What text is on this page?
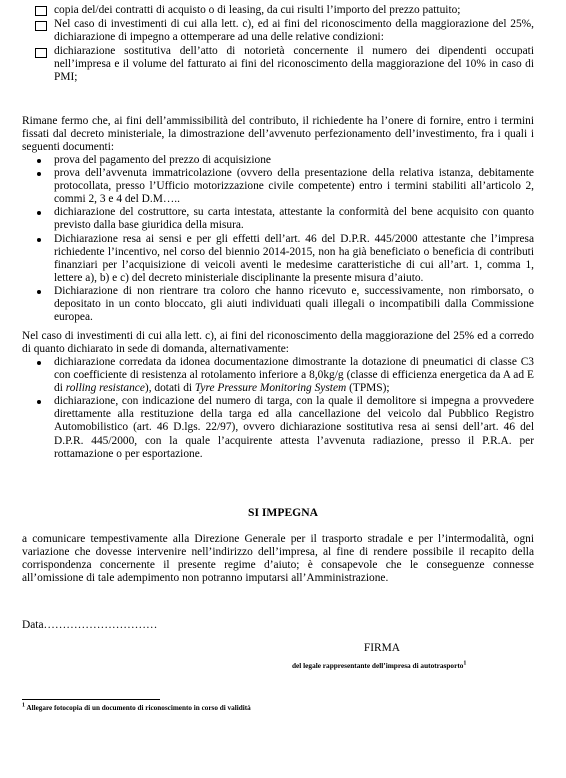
copia del/dei contratti di acquisto o di leasing, da cui risulti l’importo del prezzo pattuito;
Nel caso di investimenti di cui alla lett. c), ed ai fini del riconoscimento della maggiorazione del 25%, dichiarazione di impegno a ottemperare ad una delle relative condizioni:
dichiarazione sostitutiva dell’atto di notorietà concernente il numero dei dipendenti occupati nell’impresa e il volume del fatturato ai fini del riconoscimento della maggiorazione del 10% in caso di PMI;
Rimane fermo che, ai fini dell’ammissibilità del contributo, il richiedente ha l’onere di fornire, entro i termini fissati dal decreto ministeriale, la dimostrazione dell’avvenuto perfezionamento dell’investimento, fra i quali i seguenti documenti:
prova del pagamento del prezzo di acquisizione
prova dell’avvenuta immatricolazione (ovvero della presentazione della relativa istanza, debitamente protocollata, presso l’Ufficio motorizzazione civile competente) entro i termini stabiliti all’articolo 2, commi 2, 3 e 4 del D.M…..
dichiarazione del costruttore, su carta intestata, attestante la conformità del bene acquisito con quanto previsto dalla base giuridica della misura.
Dichiarazione resa ai sensi e per gli effetti dell’art. 46 del D.P.R. 445/2000 attestante che l’impresa richiedente l’incentivo, nel corso del biennio 2014-2015, non ha già beneficiato o beneficia di contributi finanziari per l’acquisizione di veicoli aventi le medesime caratteristiche di cui all’art. 1, comma 1, lettere a), b) e c) del decreto ministeriale disciplinante la presente misura d’aiuto.
Dichiarazione di non rientrare tra coloro che hanno ricevuto e, successivamente, non rimborsato, o depositato in un conto bloccato, gli aiuti individuati quali illegali o incompatibili dalla Commissione europea.
Nel caso di investimenti di cui alla lett. c), ai fini del riconoscimento della maggiorazione del 25% ed a corredo di quanto dichiarato in sede di domanda, alternativamente:
dichiarazione corredata da idonea documentazione dimostrante la dotazione di pneumatici di classe C3 con coefficiente di resistenza al rotolamento inferiore a 8,0kg/g (classe di efficienza energetica da A ad E di rolling resistance), dotati di Tyre Pressure Monitoring System (TPMS);
dichiarazione, con indicazione del numero di targa, con la quale il demolitore si impegna a provvedere direttamente alla restituzione della targa ed alla cancellazione del veicolo dal Pubblico Registro Automobilistico (art. 46 D.lgs. 22/97), ovvero dichiarazione sostitutiva resa ai sensi dell’art. 46 del D.P.R. 445/2000, con la quale l’acquirente attesta l’avvenuta radiazione, presso il P.R.A. per rottamazione o per esportazione.
SI IMPEGNA
a comunicare tempestivamente alla Direzione Generale per il trasporto stradale e per l’intermodalità, ogni variazione che dovesse intervenire nell’indirizzo dell’impresa, al fine di rendere possibile il recapito della corrispondenza concernente il presente regime d’aiuto; è consapevole che le conseguenze connesse all’omissione di tale adempimento non potranno imputarsi all’Amministrazione.
Data…………………………
FIRMA
del legale rappresentante dell’impresa di autotrasporto$^1$
$^1$ Allegare fotocopia di un documento di riconoscimento in corso di validità
